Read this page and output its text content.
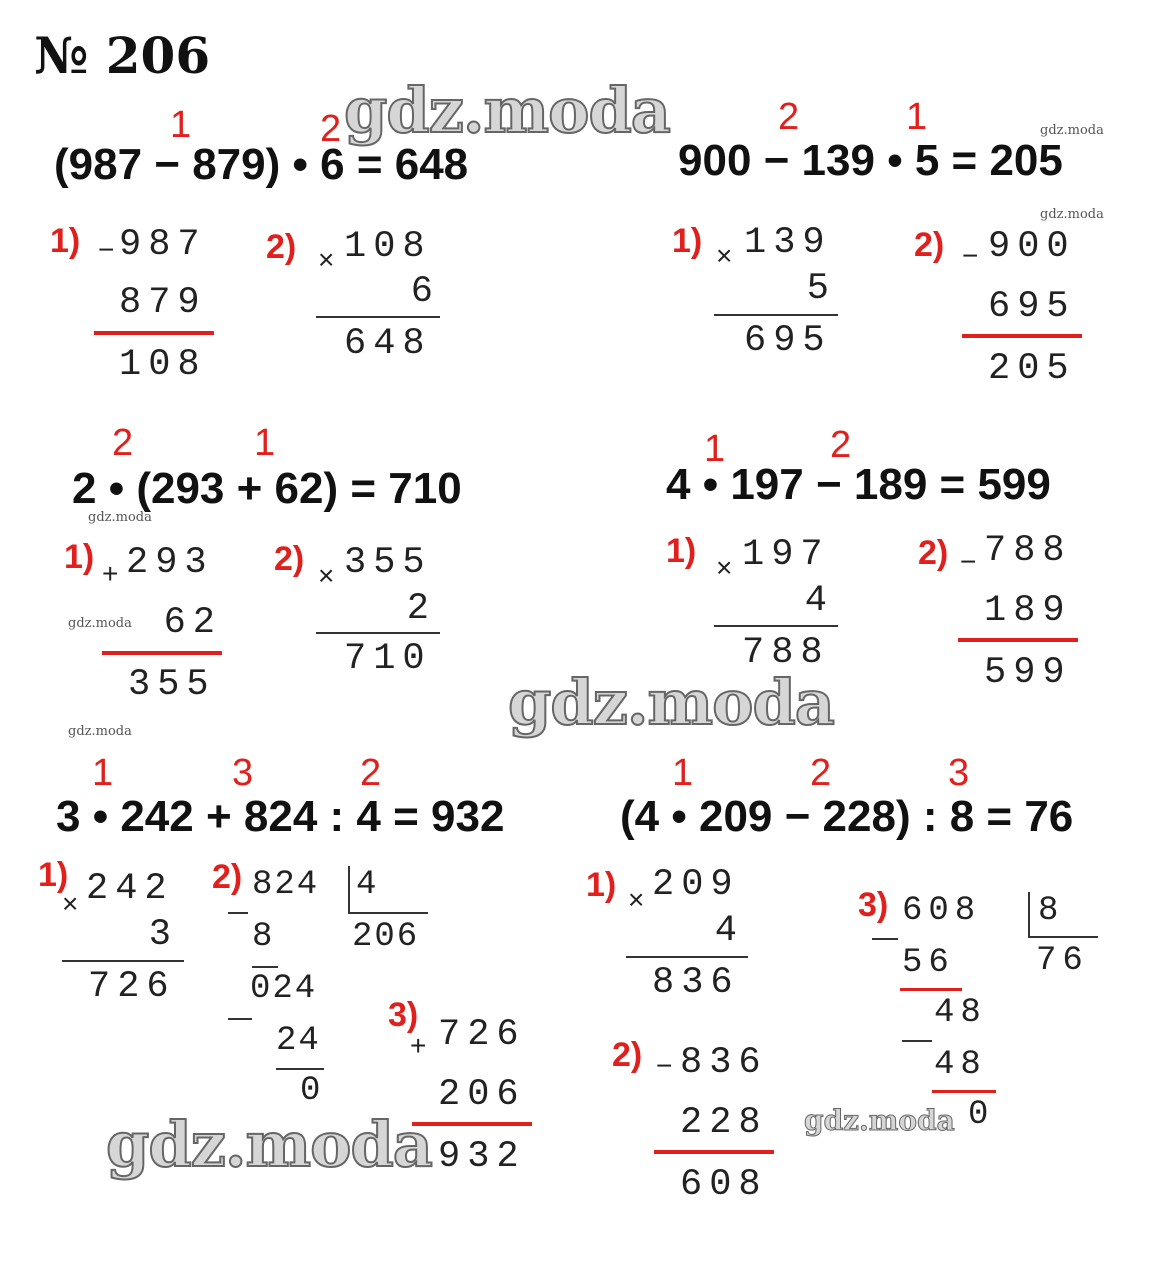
№ 206
1	2
(987 − 879) • 6 = 648
1) − 987
879
108
2) × 108
6
648
2	1
900 − 139 • 5 = 205
1) × 139
5
695
2) − 900
695
205
2	1
2 • (293 + 62) = 710
1) + 293
62
355
2) × 355
2
710
1	2
4 • 197 − 189 = 599
1) × 197
4
788
2) − 788
189
599
1	3	2
3 • 242 + 824 : 4 = 932
1)
× 242
3
726
2) 824 4
206
8
024
24
0
3)
+ 726
206
932
1	2	3
(4 • 209 − 228) : 8 = 76
1) × 209
4
836
2) − 836
228
608
3) 608 8
76
56
48
48
0
gdz.moda
gdz.moda
gdz.moda	gdz.moda
gdz.moda
gdz.moda
gdz.moda
gdz.moda
gdz.moda
